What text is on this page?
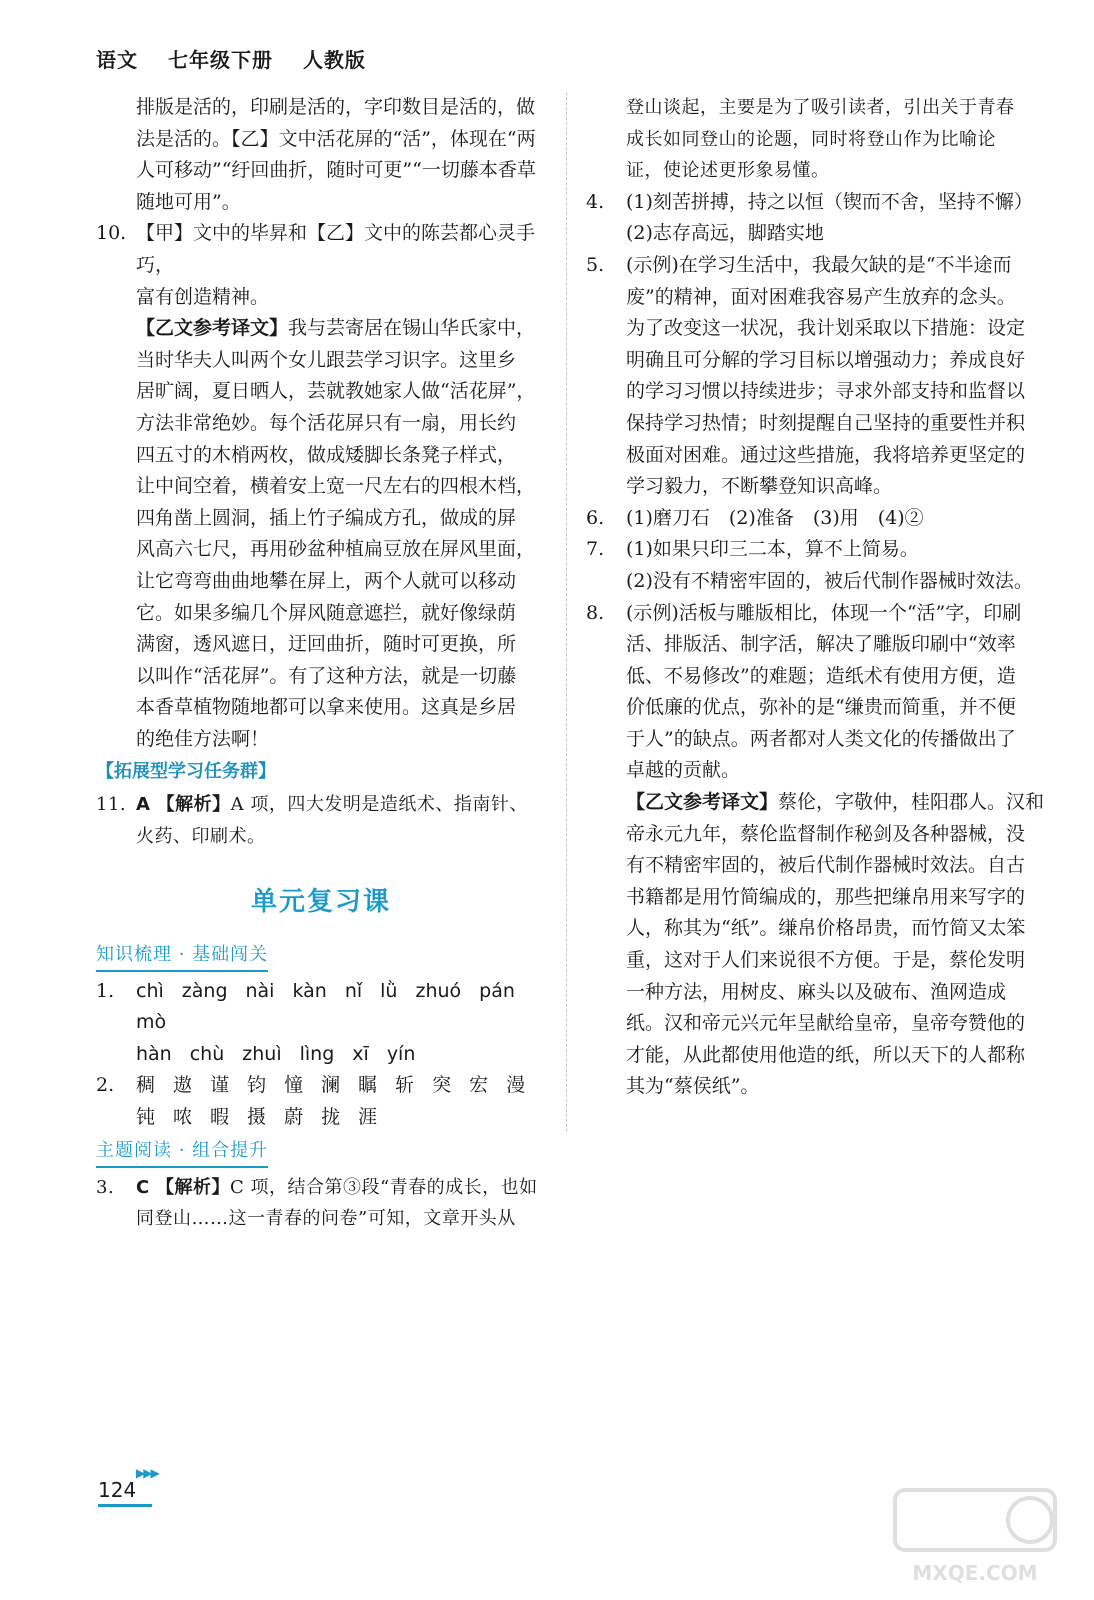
语文 七年级下册 人教版

排版是活的，印刷是活的，字印数目是活的，做

法是活的。【乙】文中活花屏的“活”，体现在“两

人可移动”“纡回曲折，随时可更”“一切藤本香草

随地可用”。

10. 【甲】文中的毕昇和【乙】文中的陈芸都心灵手巧，

富有创造精神。

【乙文参考译文】我与芸寄居在锡山华氏家中，

当时华夫人叫两个女儿跟芸学习识字。这里乡

居旷阔，夏日晒人，芸就教她家人做“活花屏”，

方法非常绝妙。每个活花屏只有一扇，用长约

四五寸的木梢两枚，做成矮脚长条凳子样式，

让中间空着，横着安上宽一尺左右的四根木档，

四角凿上圆洞，插上竹子编成方孔，做成的屏

风高六七尺，再用砂盆种植扁豆放在屏风里面，

让它弯弯曲曲地攀在屏上，两个人就可以移动

它。如果多编几个屏风随意遮拦，就好像绿荫

满窗，透风遮日，迂回曲折，随时可更换，所

以叫作“活花屏”。有了这种方法，就是一切藤

本香草植物随地都可以拿来使用。这真是乡居

的绝佳方法啊！

【拓展型学习任务群】
11. A 【解析】A 项，四大发明是造纸术、指南针、

火药、印刷术。

单元复习课
知识梳理 · 基础闯关
1.	chì zàng nài kàn nǐ lǜ zhuó pánmò

hàn chù zhuì lìng xī yín

2.	稠 遨 谨 钧 憧 澜 瞩 斩 突 宏 漫

钝 哝 暇 摄 蔚 拢 涯

主题阅读 · 组合提升
3.	C 【解析】C 项，结合第③段“青春的成长，也如

同登山……这一青春的问卷”可知，文章开头从

登山谈起，主要是为了吸引读者，引出关于青春

成长如同登山的论题，同时将登山作为比喻论

证，使论述更形象易懂。

4.	(1)刻苦拼搏，持之以恒（锲而不舍，坚持不懈）

(2)志存高远，脚踏实地

5.	(示例)在学习生活中，我最欠缺的是“不半途而

废”的精神，面对困难我容易产生放弃的念头。

为了改变这一状况，我计划采取以下措施：设定

明确且可分解的学习目标以增强动力；养成良好

的学习习惯以持续进步；寻求外部支持和监督以

保持学习热情；时刻提醒自己坚持的重要性并积

极面对困难。通过这些措施，我将培养更坚定的

学习毅力，不断攀登知识高峰。

6.	(1)磨刀石　(2)准备　(3)用　(4)②

7.	(1)如果只印三二本，算不上简易。

(2)没有不精密牢固的，被后代制作器械时效法。

8.	(示例)活板与雕版相比，体现一个“活”字，印刷

活、排版活、制字活，解决了雕版印刷中“效率

低、不易修改”的难题；造纸术有使用方便，造

价低廉的优点，弥补的是“缣贵而简重，并不便

于人”的缺点。两者都对人类文化的传播做出了

卓越的贡献。

【乙文参考译文】蔡伦，字敬仲，桂阳郡人。汉和

帝永元九年，蔡伦监督制作秘剑及各种器械，没

有不精密牢固的，被后代制作器械时效法。自古

书籍都是用竹简编成的，那些把缣帛用来写字的

人，称其为“纸”。缣帛价格昂贵，而竹简又太笨

重，这对于人们来说很不方便。于是，蔡伦发明

一种方法，用树皮、麻头以及破布、渔网造成

纸。汉和帝元兴元年呈献给皇帝，皇帝夸赞他的

才能，从此都使用他造的纸，所以天下的人都称

其为“蔡侯纸”。

124
▶▶▶
MXQE.COM
